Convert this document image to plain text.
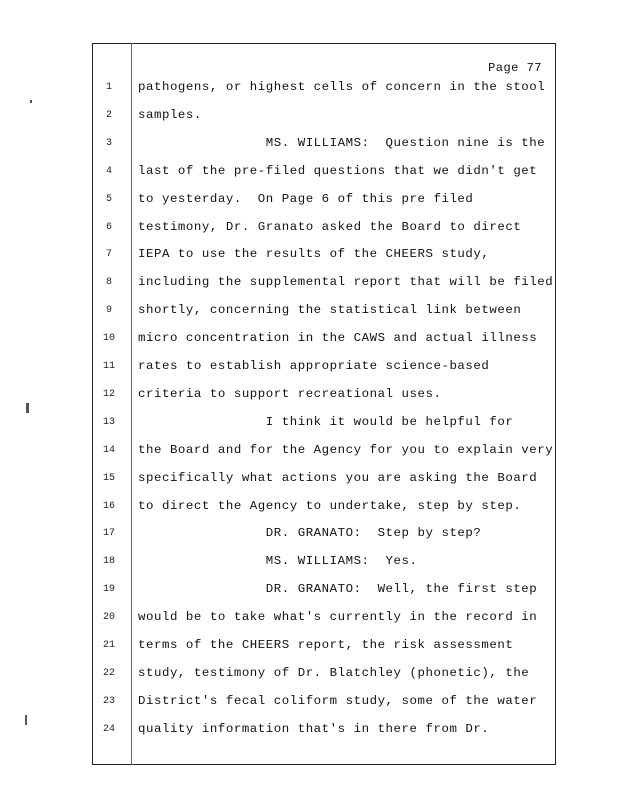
Page 77
1	pathogens, or highest cells of concern in the stool
2	samples.
3	MS. WILLIAMS:  Question nine is the
4	last of the pre-filed questions that we didn't get
5	to yesterday.  On Page 6 of this pre filed
6	testimony, Dr. Granato asked the Board to direct
7	IEPA to use the results of the CHEERS study,
8	including the supplemental report that will be filed
9	shortly, concerning the statistical link between
10 micro concentration in the CAWS and actual illness
11 rates to establish appropriate science-based
12 criteria to support recreational uses.
13 I think it would be helpful for
14 the Board and for the Agency for you to explain very
15 specifically what actions you are asking the Board
16 to direct the Agency to undertake, step by step.
17 DR. GRANATO:  Step by step?
18 MS. WILLIAMS:  Yes.
19 DR. GRANATO:  Well, the first step
20 would be to take what's currently in the record in
21 terms of the CHEERS report, the risk assessment
22 study, testimony of Dr. Blatchley (phonetic), the
23 District's fecal coliform study, some of the water
24 quality information that's in there from Dr.
